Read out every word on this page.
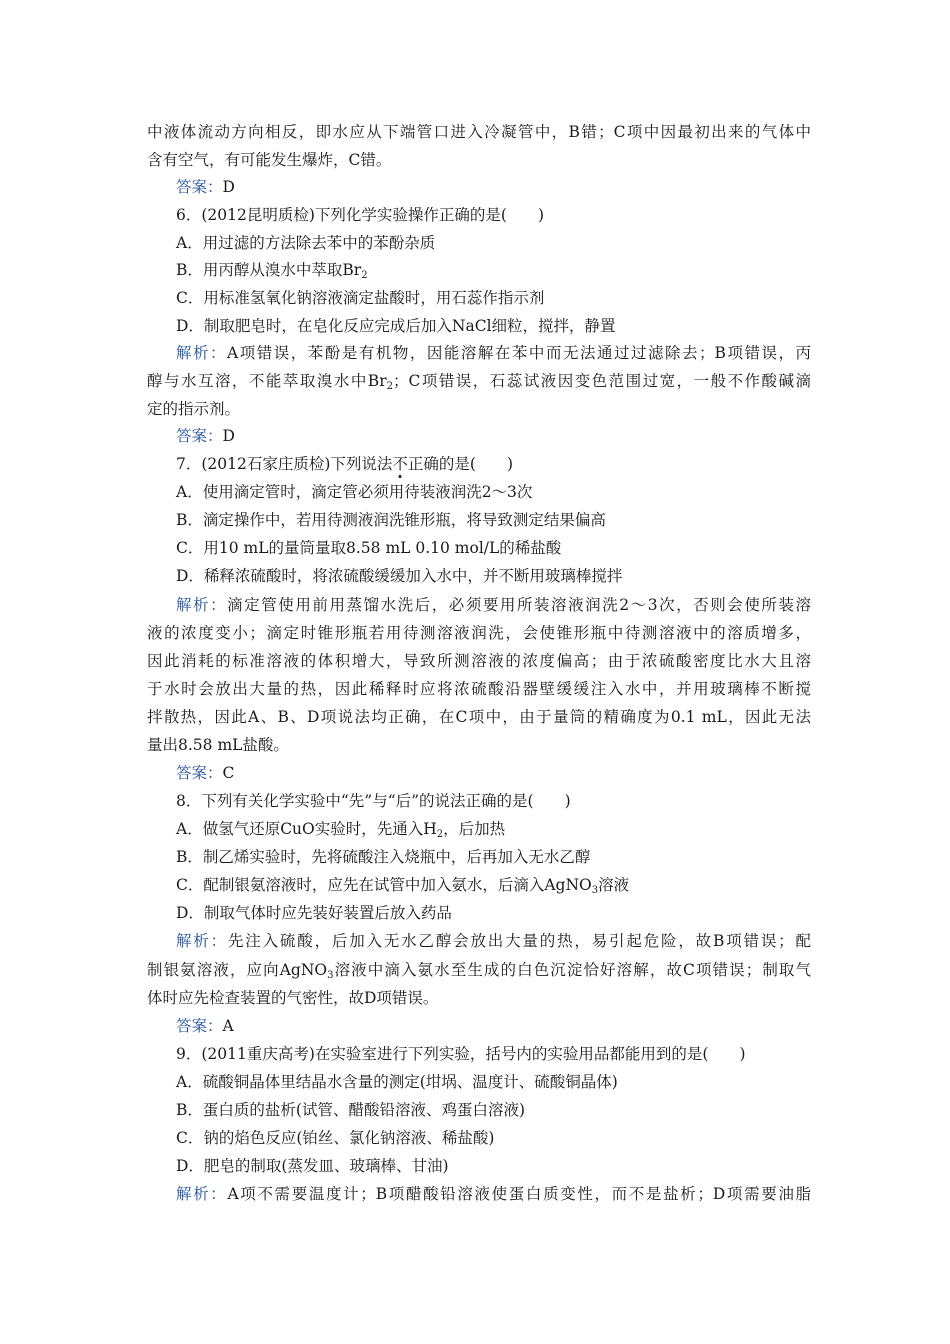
中液体流动方向相反，即水应从下端管口进入冷凝管中，B错；C项中因最初出来的气体中
含有空气，有可能发生爆炸，C错。
答案：D
6．(2012昆明质检)下列化学实验操作正确的是(　　)
A．用过滤的方法除去苯中的苯酚杂质
B．用丙醇从溴水中萃取$Br_2$
C．用标准氢氧化钠溶液滴定盐酸时，用石蕊作指示剂
D．制取肥皂时，在皂化反应完成后加入NaCl细粒，搅拌，静置
解析：A项错误，苯酚是有机物，因能溶解在苯中而无法通过过滤除去；B项错误，丙
醇与水互溶，不能萃取溴水中$Br_2$；C项错误，石蕊试液因变色范围过宽，一般不作酸碱滴
定的指示剂。
答案：D
7．(2012石家庄质检)下列说法不正确的是(　　)
A．使用滴定管时，滴定管必须用待装液润洗2～3次
B．滴定操作中，若用待测液润洗锥形瓶，将导致测定结果偏高
C．用10 mL的量筒量取8.58 mL 0.10 mol/L的稀盐酸
D．稀释浓硫酸时，将浓硫酸缓缓加入水中，并不断用玻璃棒搅拌
解析：滴定管使用前用蒸馏水洗后，必须要用所装溶液润洗2～3次，否则会使所装溶
液的浓度变小；滴定时锥形瓶若用待测溶液润洗，会使锥形瓶中待测溶液中的溶质增多，
因此消耗的标准溶液的体积增大，导致所测溶液的浓度偏高；由于浓硫酸密度比水大且溶
于水时会放出大量的热，因此稀释时应将浓硫酸沿器壁缓缓注入水中，并用玻璃棒不断搅
拌散热，因此A、B、D项说法均正确，在C项中，由于量筒的精确度为0.1 mL，因此无法
量出8.58 mL盐酸。
答案：C
8．下列有关化学实验中“先”与“后”的说法正确的是(　　)
A．做氢气还原CuO实验时，先通入$H_2$，后加热
B．制乙烯实验时，先将硫酸注入烧瓶中，后再加入无水乙醇
C．配制银氨溶液时，应先在试管中加入氨水，后滴入AgNO$_3$溶液
D．制取气体时应先装好装置后放入药品
解析：先注入硫酸，后加入无水乙醇会放出大量的热，易引起危险，故B项错误；配
制银氨溶液，应向AgNO$_3$溶液中滴入氨水至生成的白色沉淀恰好溶解，故C项错误；制取气
体时应先检查装置的气密性，故D项错误。
答案：A
9．(2011重庆高考)在实验室进行下列实验，括号内的实验用品都能用到的是(　　)
A．硫酸铜晶体里结晶水含量的测定(坩埚、温度计、硫酸铜晶体)
B．蛋白质的盐析(试管、醋酸铅溶液、鸡蛋白溶液)
C．钠的焰色反应(铂丝、氯化钠溶液、稀盐酸)
D．肥皂的制取(蒸发皿、玻璃棒、甘油)
解析：A项不需要温度计；B项醋酸铅溶液使蛋白质变性，而不是盐析；D项需要油脂
